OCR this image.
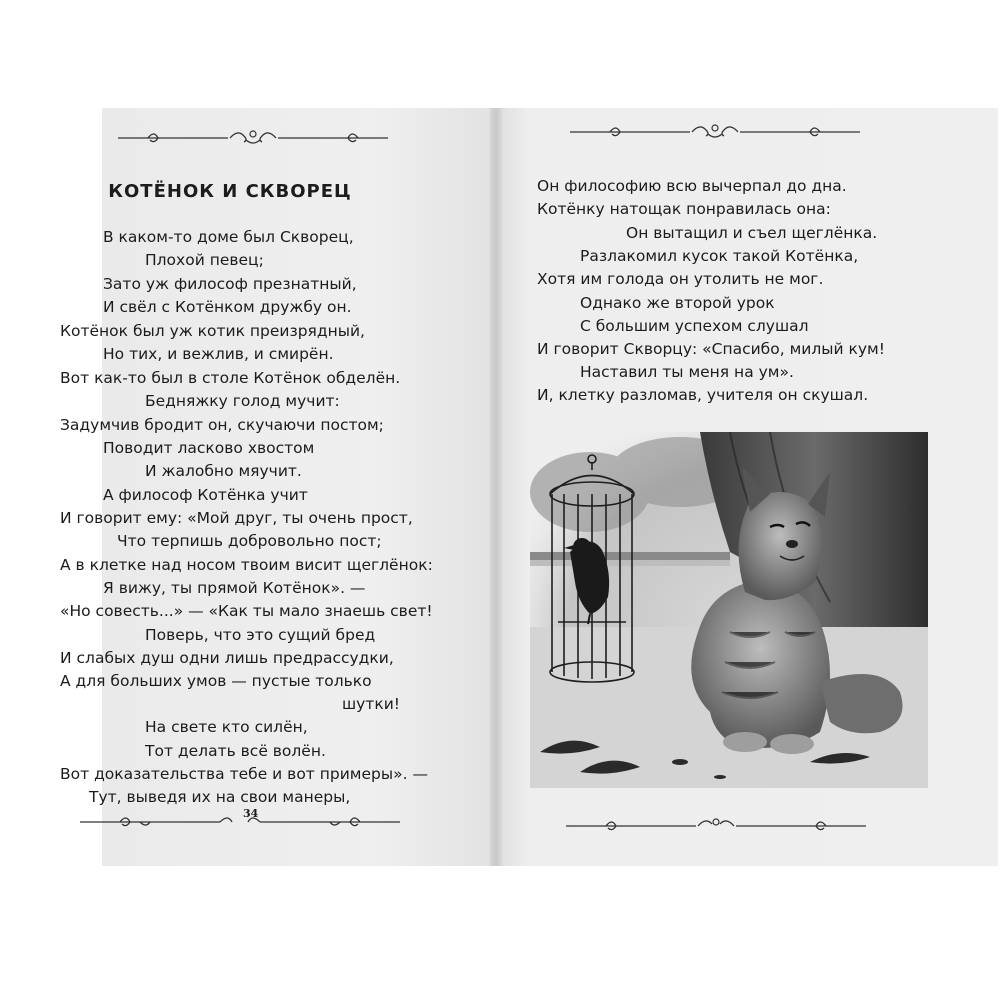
КОТЁНОК И СКВОРЕЦ
В каком-то доме был Скворец,
Плохой певец;
Зато уж философ презнатный,
И свёл с Котёнком дружбу он.
Котёнок был уж котик преизрядный,
Но тих, и вежлив, и смирён.
Вот как-то был в столе Котёнок обделён.
Бедняжку голод мучит:
Задумчив бродит он, скучаючи постом;
Поводит ласково хвостом
И жалобно мяучит.
А философ Котёнка учит
И говорит ему: «Мой друг, ты очень прост,
Что терпишь добровольно пост;
А в клетке над носом твоим висит щеглёнок:
Я вижу, ты прямой Котёнок». —
«Но совесть...» — «Как ты мало знаешь свет!
Поверь, что это сущий бред
И слабых душ одни лишь предрассудки,
А для больших умов — пустые только
шутки!
На свете кто силён,
Тот делать всё волён.
Вот доказательства тебе и вот примеры». —
Тут, выведя их на свои манеры,
34
Он философию всю вычерпал до дна.
Котёнку натощак понравилась она:
Он вытащил и съел щеглёнка.
Разлакомил кусок такой Котёнка,
Хотя им голода он утолить не мог.
Однако же второй урок
С большим успехом слушал
И говорит Скворцу: «Спасибо, милый кум!
Наставил ты меня на ум».
И, клетку разломав, учителя он скушал.
